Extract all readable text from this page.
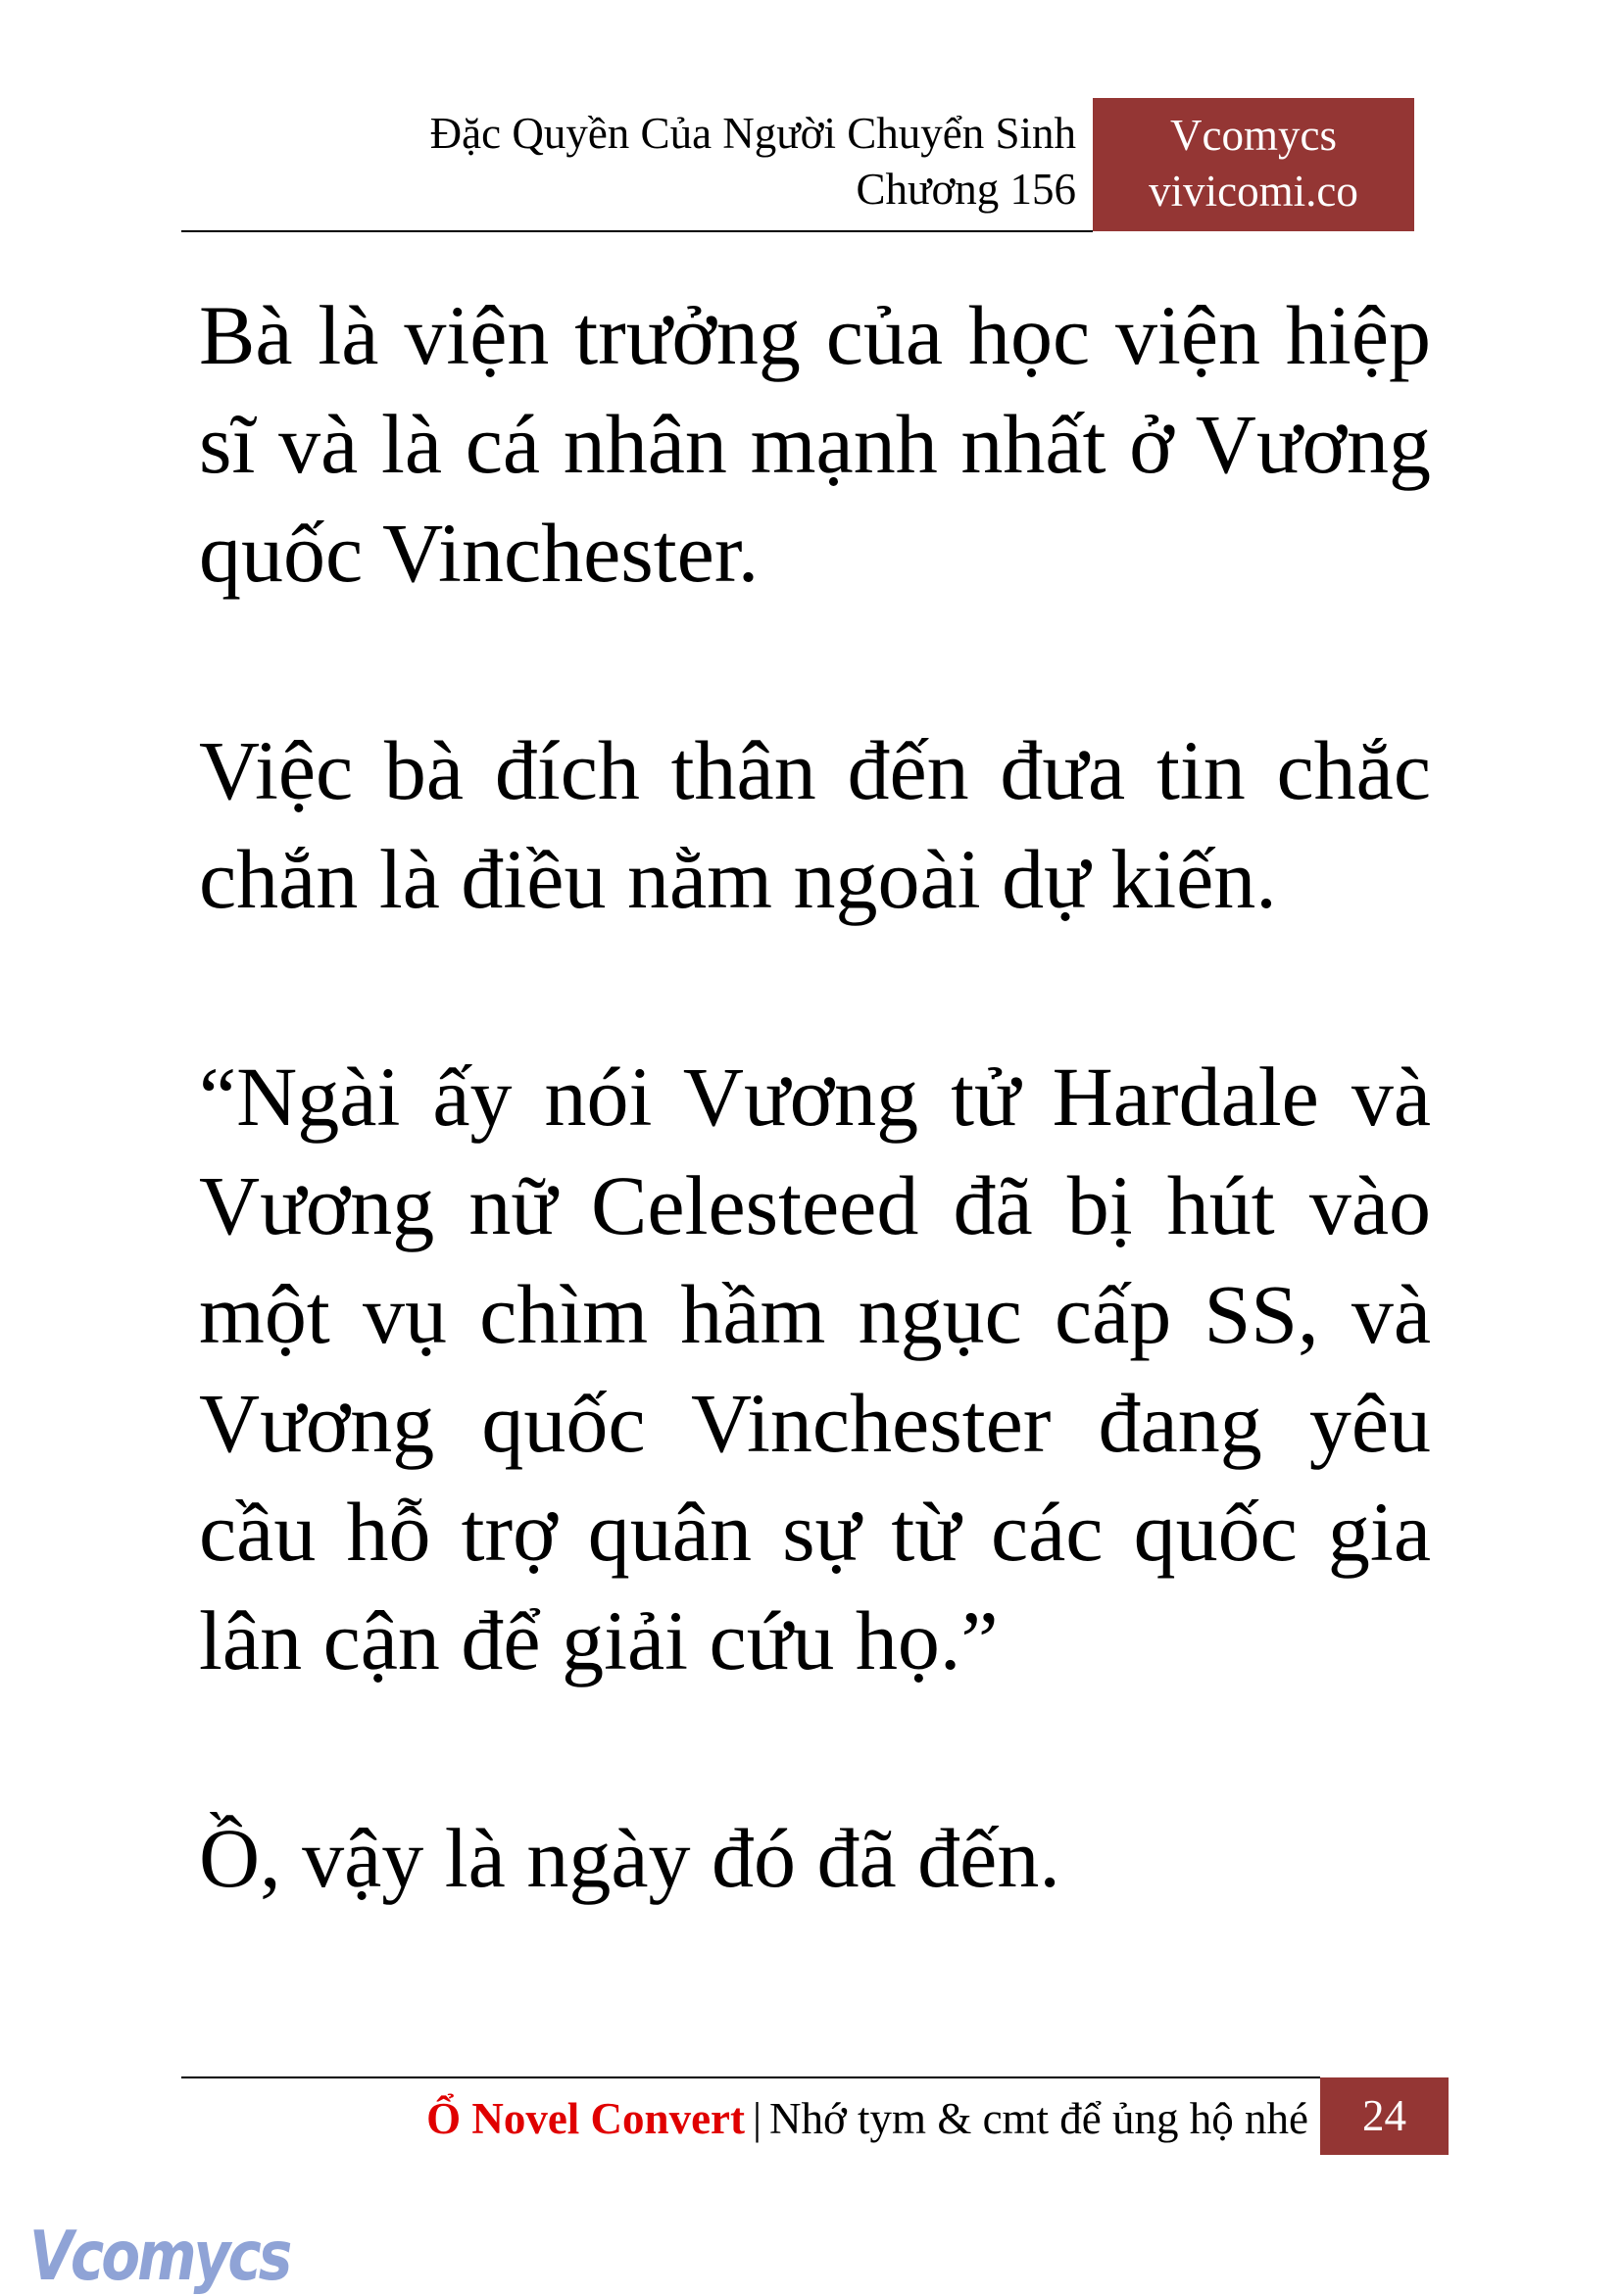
Đặc Quyền Của Người Chuyển Sinh
Chương 156
Vcomycs
vivicomi.co

Bà là viện trưởng của học viện hiệp sĩ và là cá nhân mạnh nhất ở Vương quốc Vinchester.

Việc bà đích thân đến đưa tin chắc chắn là điều nằm ngoài dự kiến.

“Ngài ấy nói Vương tử Hardale và Vương nữ Celesteed đã bị hút vào một vụ chìm hầm ngục cấp SS, và Vương quốc Vinchester đang yêu cầu hỗ trợ quân sự từ các quốc gia lân cận để giải cứu họ.”

Ồ, vậy là ngày đó đã đến.

Ổ Novel Convert | Nhớ tym & cmt để ủng hộ nhé	24
Vcomycs
